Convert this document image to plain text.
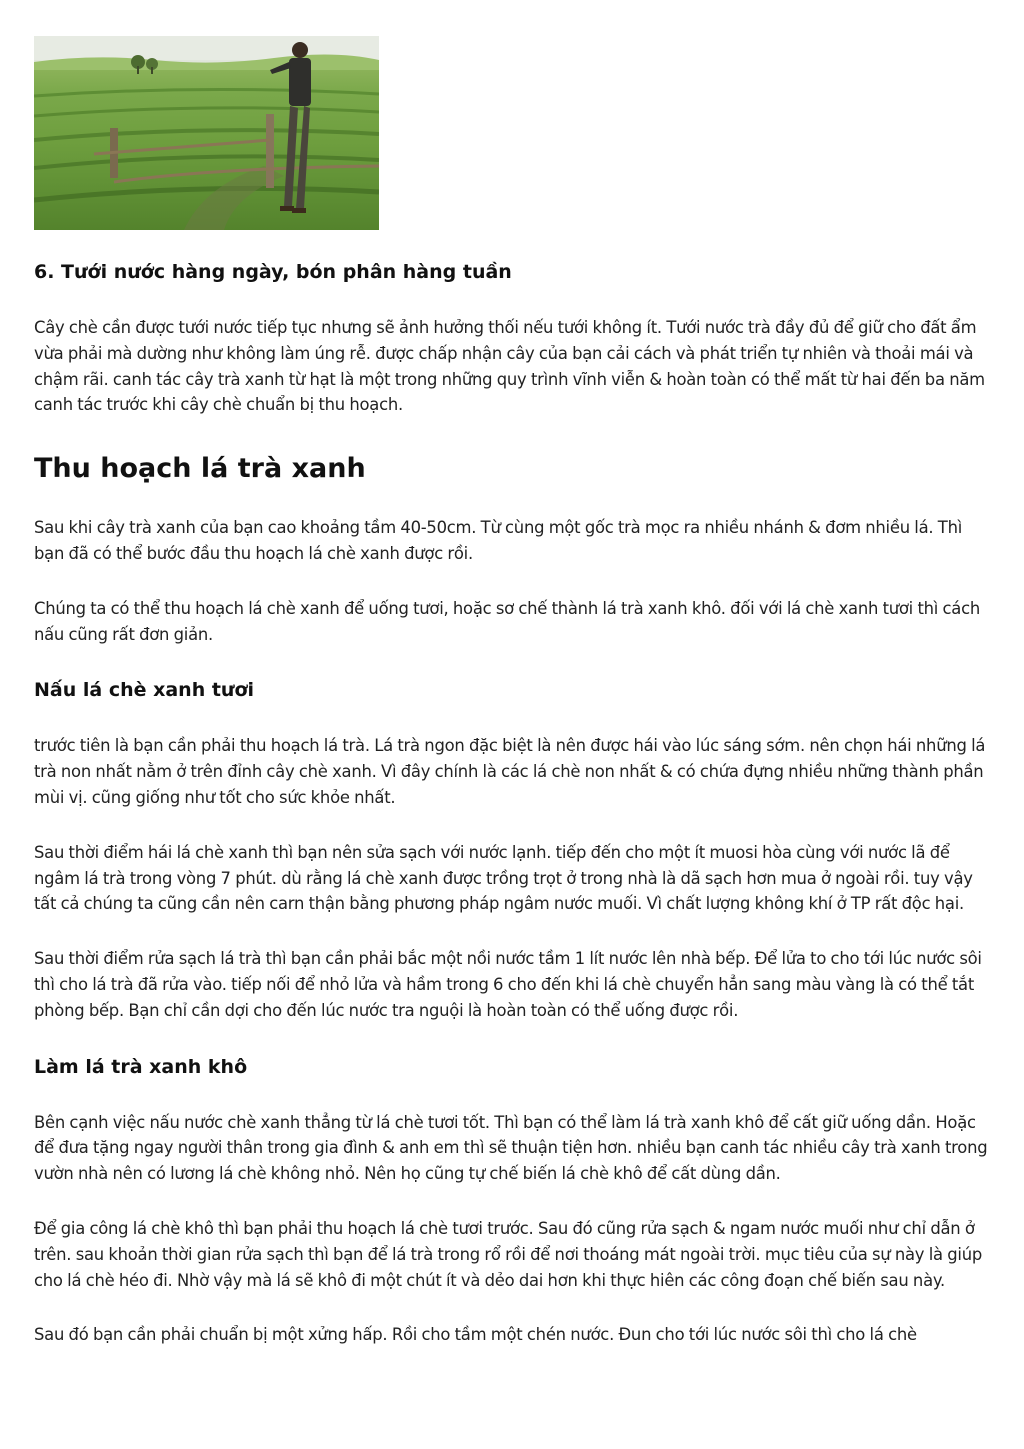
6. Tưới nước hàng ngày, bón phân hàng tuần

Cây chè cần được tưới nước tiếp tục nhưng sẽ ảnh hưởng thối nếu tưới không ít. Tưới nước trà đầy đủ để giữ cho đất ẩm vừa phải mà dường như không làm úng rễ. được chấp nhận cây của bạn cải cách và phát triển tự nhiên và thoải mái và chậm rãi. canh tác cây trà xanh từ hạt là một trong những quy trình vĩnh viễn & hoàn toàn có thể mất từ hai đến ba năm canh tác trước khi cây chè chuẩn bị thu hoạch.

Thu hoạch lá trà xanh

Sau khi cây trà xanh của bạn cao khoảng tầm 40-50cm. Từ cùng một gốc trà mọc ra nhiều nhánh & đơm nhiều lá. Thì bạn đã có thể bước đầu thu hoạch lá chè xanh được rồi.

Chúng ta có thể thu hoạch lá chè xanh để uống tươi, hoặc sơ chế thành lá trà xanh khô. đối với lá chè xanh tươi thì cách nấu cũng rất đơn giản.

Nấu lá chè xanh tươi

trước tiên là bạn cần phải thu hoạch lá trà. Lá trà ngon đặc biệt là nên được hái vào lúc sáng sớm. nên chọn hái những lá trà non nhất nằm ở trên đỉnh cây chè xanh. Vì đây chính là các lá chè non nhất & có chứa đựng nhiều những thành phần mùi vị. cũng giống như tốt cho sức khỏe nhất.

Sau thời điểm hái lá chè xanh thì bạn nên sửa sạch với nước lạnh. tiếp đến cho một ít muosi hòa cùng với nước lã để ngâm lá trà trong vòng 7 phút. dù rằng lá chè xanh được trồng trọt ở trong nhà là dã sạch hơn mua ở ngoài rồi. tuy vậy tất cả chúng ta cũng cần nên carn thận bằng phương pháp ngâm nước muối. Vì chất lượng không khí ở TP rất độc hại.

Sau thời điểm rửa sạch lá trà thì bạn cần phải bắc một nồi nước tầm 1 lít nước lên nhà bếp. Để lửa to cho tới lúc nước sôi thì cho lá trà đã rửa vào. tiếp nối để nhỏ lửa và hầm trong 6 cho đến khi lá chè chuyển hẳn sang màu vàng là có thể tắt phòng bếp. Bạn chỉ cần dợi cho đến lúc nước tra nguội là hoàn toàn có thể uống được rồi.

Làm lá trà xanh khô

Bên cạnh việc nấu nước chè xanh thẳng từ lá chè tươi tốt. Thì bạn có thể làm lá trà xanh khô để cất giữ uống dần. Hoặc để đưa tặng ngay người thân trong gia đình & anh em thì sẽ thuận tiện hơn. nhiều bạn canh tác nhiều cây trà xanh trong vườn nhà nên có lương lá chè không nhỏ. Nên họ cũng tự chế biến lá chè khô để cất dùng dần.

Để gia công lá chè khô thì bạn phải thu hoạch lá chè tươi trước. Sau đó cũng rửa sạch & ngam nước muối như chỉ dẫn ở trên. sau khoản thời gian rửa sạch thì bạn để lá trà trong rổ rồi để nơi thoáng mát ngoài trời. mục tiêu của sự này là giúp cho lá chè héo đi. Nhờ vậy mà lá sẽ khô đi một chút ít và dẻo dai hơn khi thực hiên các công đoạn chế biến sau này.

Sau đó bạn cần phải chuẩn bị một xửng hấp. Rồi cho tầm một chén nước. Đun cho tới lúc nước sôi thì cho lá chè
